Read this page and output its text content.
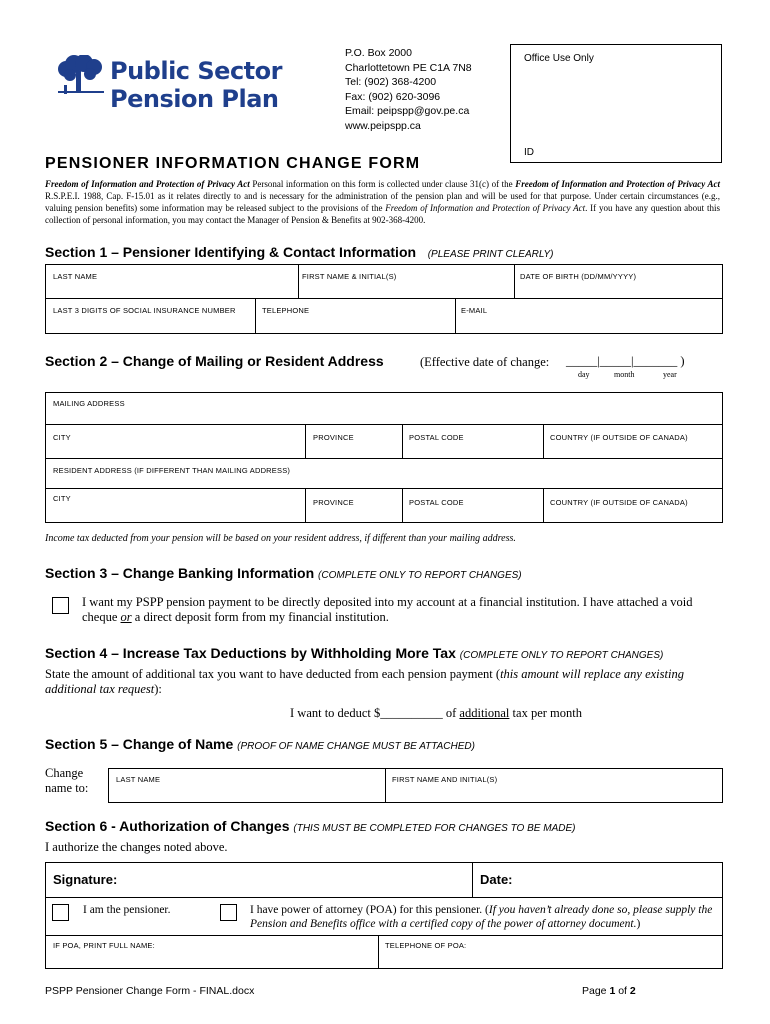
Public Sector
Pension Plan
P.O. Box 2000
Charlottetown PE C1A 7N8
Tel: (902) 368-4200
Fax: (902) 620-3096
Email: peipspp@gov.pe.ca
www.peipspp.ca
Office Use Only
ID
PENSIONER INFORMATION CHANGE FORM
Freedom of Information and Protection of Privacy Act Personal information on this form is collected under clause 31(c) of the Freedom of Information and Protection of Privacy Act R.S.P.E.I. 1988, Cap. F-15.01 as it relates directly to and is necessary for the administration of the pension plan and will be used for that purpose. Under certain circumstances (e.g., valuing pension benefits) some information may be released subject to the provisions of the Freedom of Information and Protection of Privacy Act. If you have any question about this collection of personal information, you may contact the Manager of Pension & Benefits at 902-368-4200.
Section 1 – Pensioner Identifying & Contact Information (PLEASE PRINT CLEARLY)
LAST NAME	FIRST NAME & INITIAL(S)	DATE OF BIRTH (DD/MM/YYYY)
LAST 3 DIGITS OF SOCIAL INSURANCE NUMBER	TELEPHONE	E-MAIL
Section 2 – Change of Mailing or Resident Address	(Effective date of change: _____|_____|_______ )
day	month	year
MAILING ADDRESS
CITY	PROVINCE	POSTAL CODE	COUNTRY (IF OUTSIDE OF CANADA)
RESIDENT ADDRESS (IF DIFFERENT THAN MAILING ADDRESS)
CITY	PROVINCE	POSTAL CODE	COUNTRY (IF OUTSIDE OF CANADA)
Income tax deducted from your pension will be based on your resident address, if different than your mailing address.
Section 3 – Change Banking Information (COMPLETE ONLY TO REPORT CHANGES)
I want my PSPP pension payment to be directly deposited into my account at a financial institution. I have attached a void cheque or a direct deposit form from my financial institution.
Section 4 – Increase Tax Deductions by Withholding More Tax (COMPLETE ONLY TO REPORT CHANGES)
State the amount of additional tax you want to have deducted from each pension payment (this amount will replace any existing additional tax request):
I want to deduct $__________ of additional tax per month
Section 5 – Change of Name (PROOF OF NAME CHANGE MUST BE ATTACHED)
Change
name to:
LAST NAME	FIRST NAME AND INITIAL(S)
Section 6 - Authorization of Changes (THIS MUST BE COMPLETED FOR CHANGES TO BE MADE)
I authorize the changes noted above.
Signature:	Date:
I am the pensioner.	I have power of attorney (POA) for this pensioner. (If you haven’t already done so, please supply the Pension and Benefits office with a certified copy of the power of attorney document.)
IF POA, PRINT FULL NAME:	TELEPHONE OF POA:
PSPP Pensioner Change Form - FINAL.docx	Page 1 of 2
